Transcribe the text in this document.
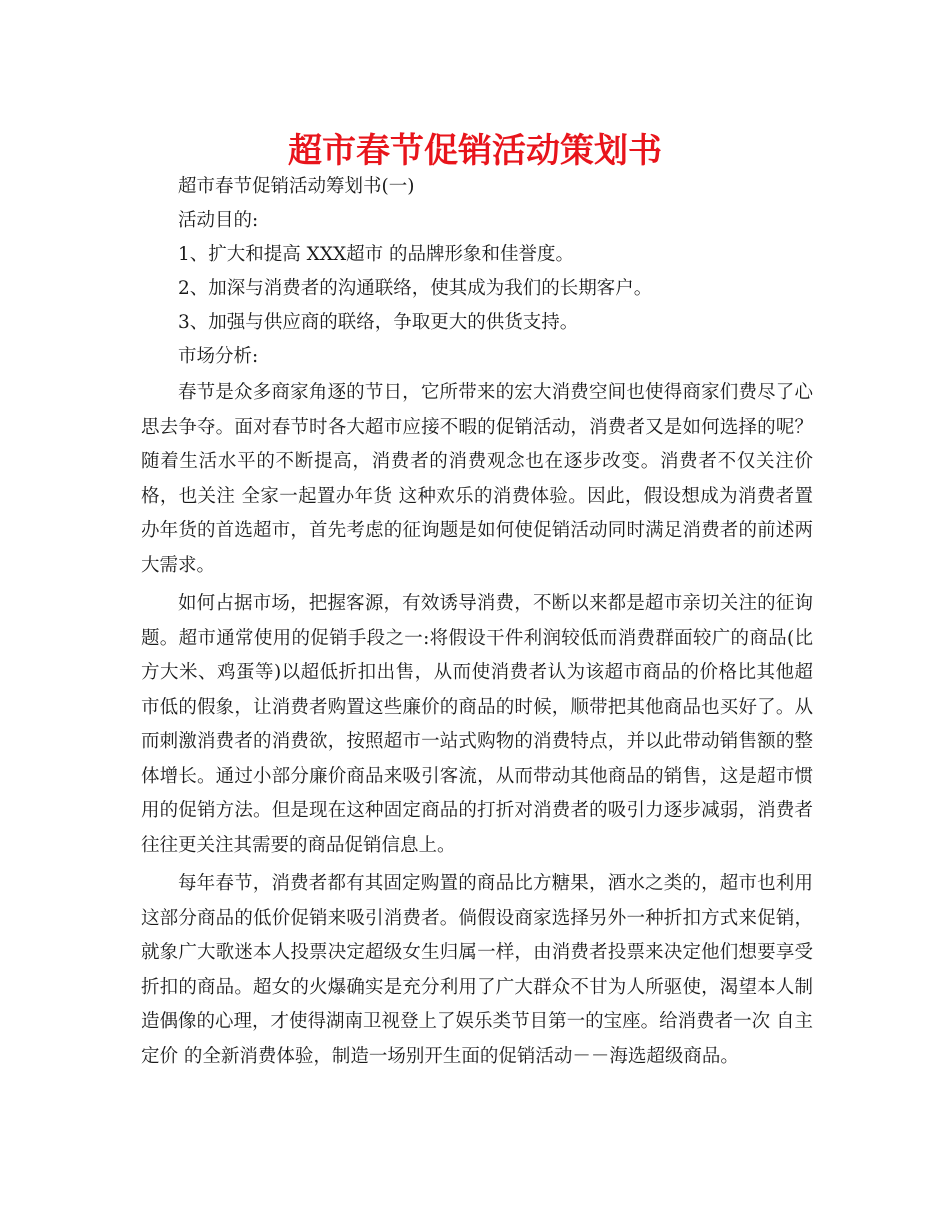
超市春节促销活动策划书

超市春节促销活动筹划书(一)

活动目的:

1、扩大和提高 XXX超市 的品牌形象和佳誉度。

2、加深与消费者的沟通联络，使其成为我们的长期客户。

3、加强与供应商的联络，争取更大的供货支持。

市场分析:

春节是众多商家角逐的节日，它所带来的宏大消费空间也使得商家们费尽了心思去争夺。面对春节时各大超市应接不暇的促销活动，消费者又是如何选择的呢？随着生活水平的不断提高，消费者的消费观念也在逐步改变。消费者不仅关注价格，也关注 全家一起置办年货 这种欢乐的消费体验。因此，假设想成为消费者置办年货的首选超市，首先考虑的征询题是如何使促销活动同时满足消费者的前述两大需求。

如何占据市场，把握客源，有效诱导消费，不断以来都是超市亲切关注的征询题。超市通常使用的促销手段之一:将假设干件利润较低而消费群面较广的商品(比方大米、鸡蛋等)以超低折扣出售，从而使消费者认为该超市商品的价格比其他超市低的假象，让消费者购置这些廉价的商品的时候，顺带把其他商品也买好了。从而刺激消费者的消费欲，按照超市一站式购物的消费特点，并以此带动销售额的整体增长。通过小部分廉价商品来吸引客流，从而带动其他商品的销售，这是超市惯用的促销方法。但是现在这种固定商品的打折对消费者的吸引力逐步减弱，消费者往往更关注其需要的商品促销信息上。

每年春节，消费者都有其固定购置的商品比方糖果，酒水之类的，超市也利用这部分商品的低价促销来吸引消费者。倘假设商家选择另外一种折扣方式来促销，就象广大歌迷本人投票决定超级女生归属一样，由消费者投票来决定他们想要享受折扣的商品。超女的火爆确实是充分利用了广大群众不甘为人所驱使，渴望本人制造偶像的心理，才使得湖南卫视登上了娱乐类节目第一的宝座。给消费者一次 自主定价 的全新消费体验，制造一场别开生面的促销活动－－海选超级商品。
